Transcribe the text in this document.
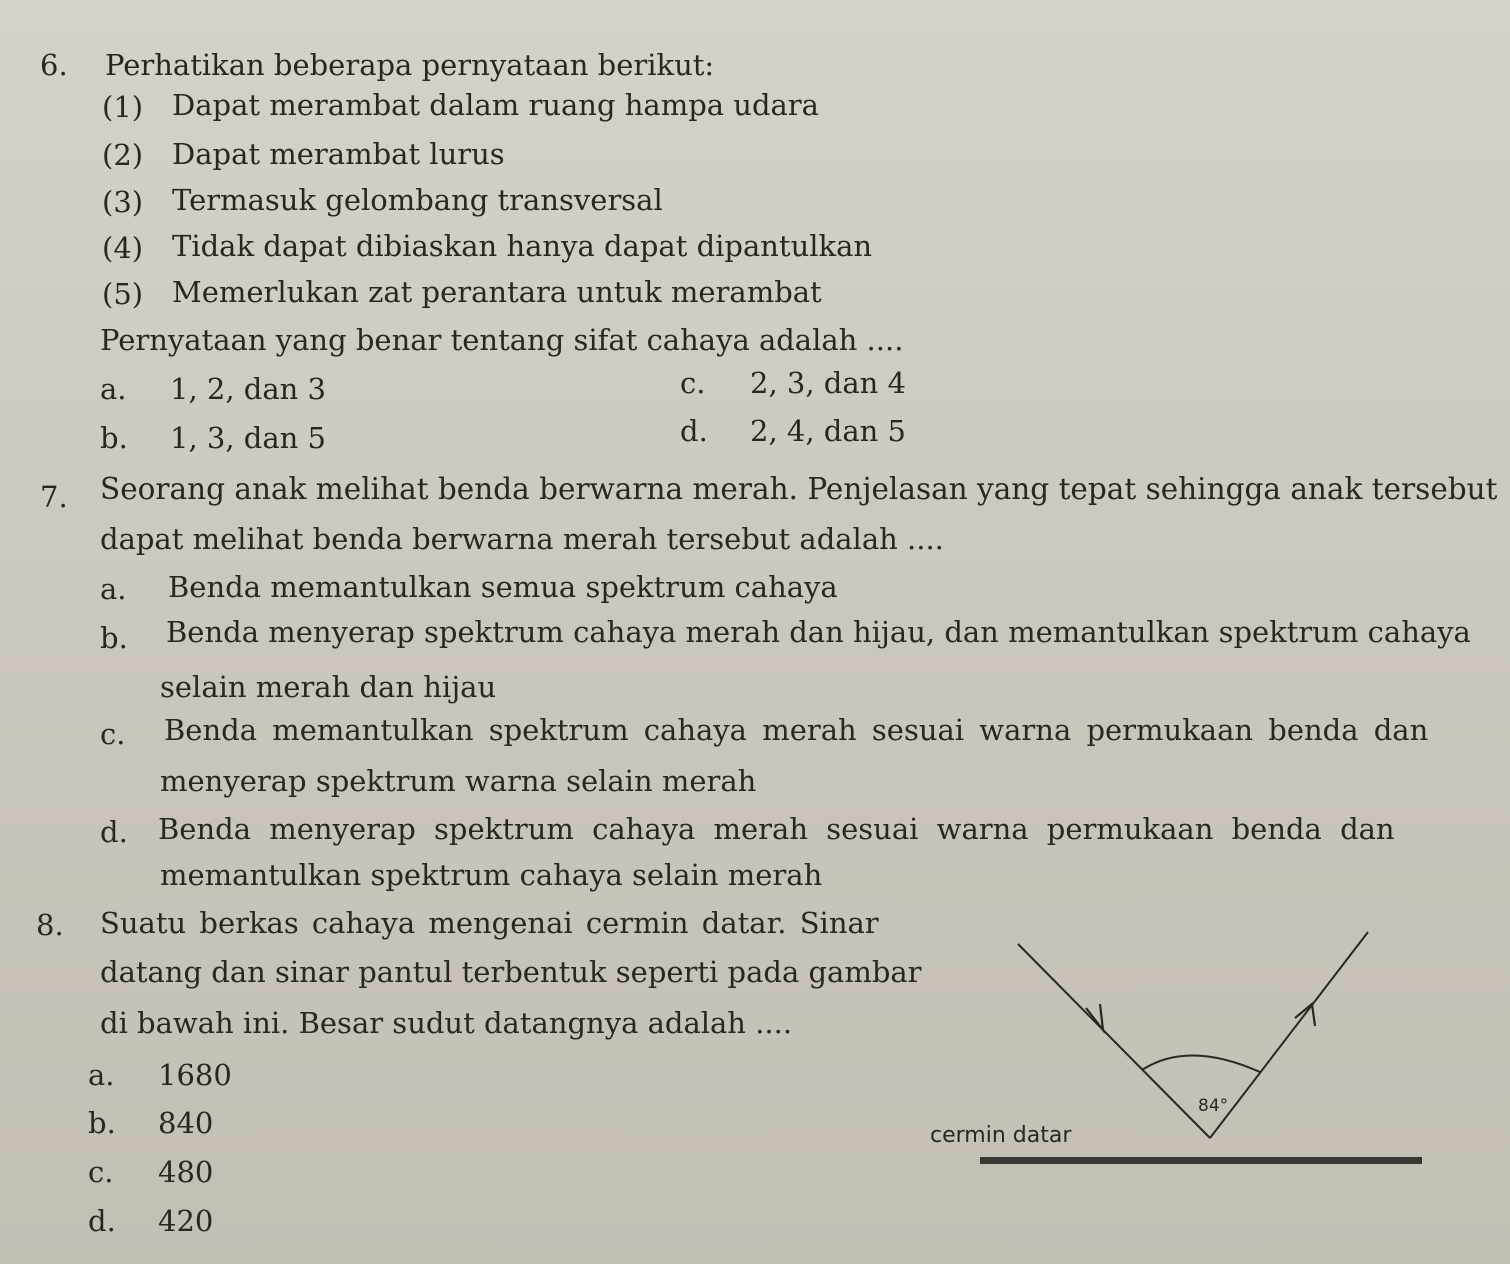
6. Perhatikan beberapa pernyataan berikut:
(1) Dapat merambat dalam ruang hampa udara
(2) Dapat merambat lurus
(3) Termasuk gelombang transversal
(4) Tidak dapat dibiaskan hanya dapat dipantulkan
(5) Memerlukan zat perantara untuk merambat
Pernyataan yang benar tentang sifat cahaya adalah ....
a. 1, 2, dan 3
b. 1, 3, dan 5
c. 2, 3, dan 4
d. 2, 4, dan 5
7. Seorang anak melihat benda berwarna merah. Penjelasan yang tepat sehingga anak tersebut
dapat melihat benda berwarna merah tersebut adalah ....
a. Benda memantulkan semua spektrum cahaya
b. Benda menyerap spektrum cahaya merah dan hijau, dan memantulkan spektrum cahaya
selain merah dan hijau
c. Benda memantulkan spektrum cahaya merah sesuai warna permukaan benda dan
menyerap spektrum warna selain merah
d. Benda menyerap spektrum cahaya merah sesuai warna permukaan benda dan
memantulkan spektrum cahaya selain merah
8. Suatu berkas cahaya mengenai cermin datar. Sinar
datang dan sinar pantul terbentuk seperti pada gambar
di bawah ini. Besar sudut datangnya adalah ....
a. 1680
b. 840
c. 480
d. 420
84°
cermin datar
